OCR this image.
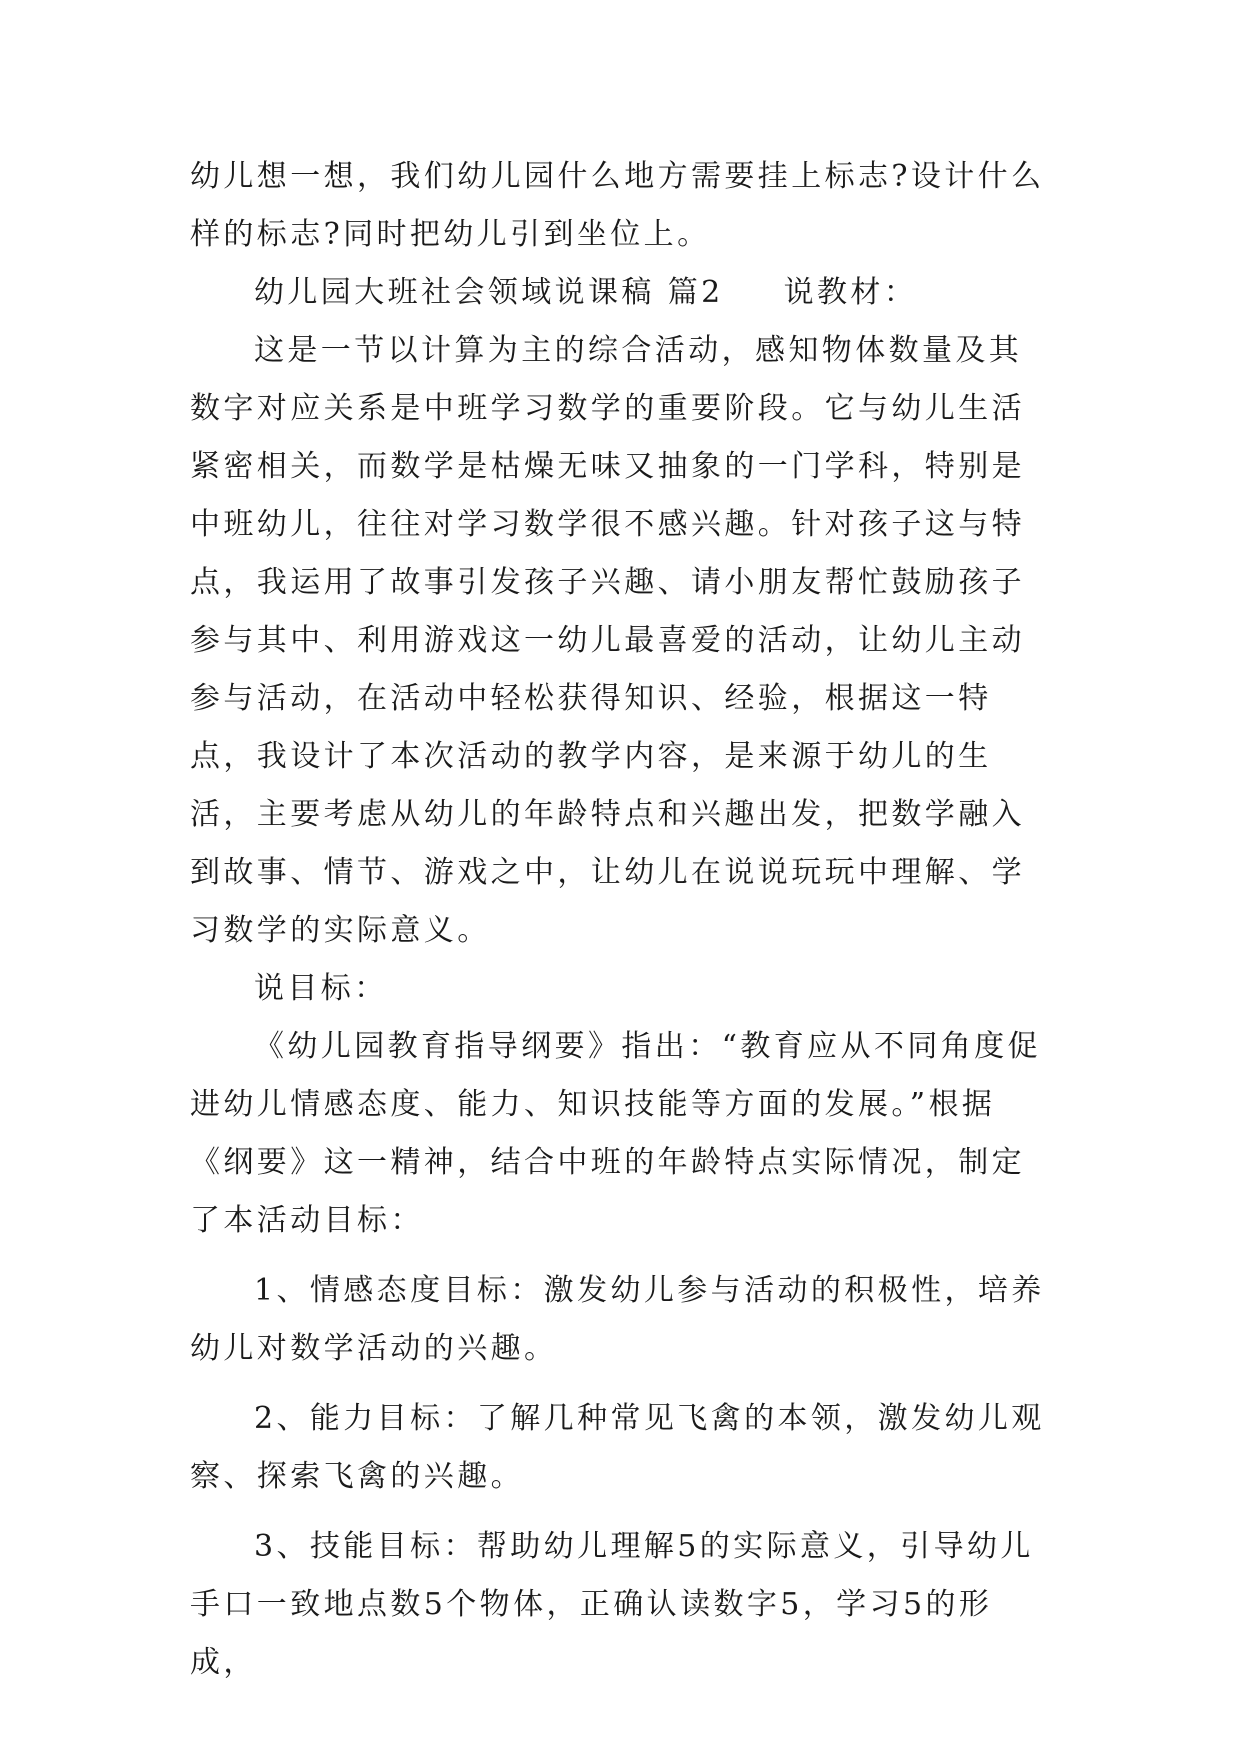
幼儿想一想，我们幼儿园什么地方需要挂上标志?设计什么样的标志?同时把幼儿引到坐位上。

幼儿园大班社会领域说课稿 篇2 说教材：

这是一节以计算为主的综合活动，感知物体数量及其数字对应关系是中班学习数学的重要阶段。它与幼儿生活紧密相关，而数学是枯燥无味又抽象的一门学科，特别是中班幼儿，往往对学习数学很不感兴趣。针对孩子这与特点，我运用了故事引发孩子兴趣、请小朋友帮忙鼓励孩子参与其中、利用游戏这一幼儿最喜爱的活动，让幼儿主动参与活动，在活动中轻松获得知识、经验，根据这一特点，我设计了本次活动的教学内容，是来源于幼儿的生活，主要考虑从幼儿的年龄特点和兴趣出发，把数学融入到故事、情节、游戏之中，让幼儿在说说玩玩中理解、学习数学的实际意义。

说目标：

《幼儿园教育指导纲要》指出：“教育应从不同角度促进幼儿情感态度、能力、知识技能等方面的发展。”根据《纲要》这一精神，结合中班的年龄特点实际情况，制定了本活动目标：

1、情感态度目标：激发幼儿参与活动的积极性，培养幼儿对数学活动的兴趣。

2、能力目标：了解几种常见飞禽的本领，激发幼儿观察、探索飞禽的兴趣。

3、技能目标：帮助幼儿理解5的实际意义，引导幼儿手口一致地点数5个物体，正确认读数字5，学习5的形成，
